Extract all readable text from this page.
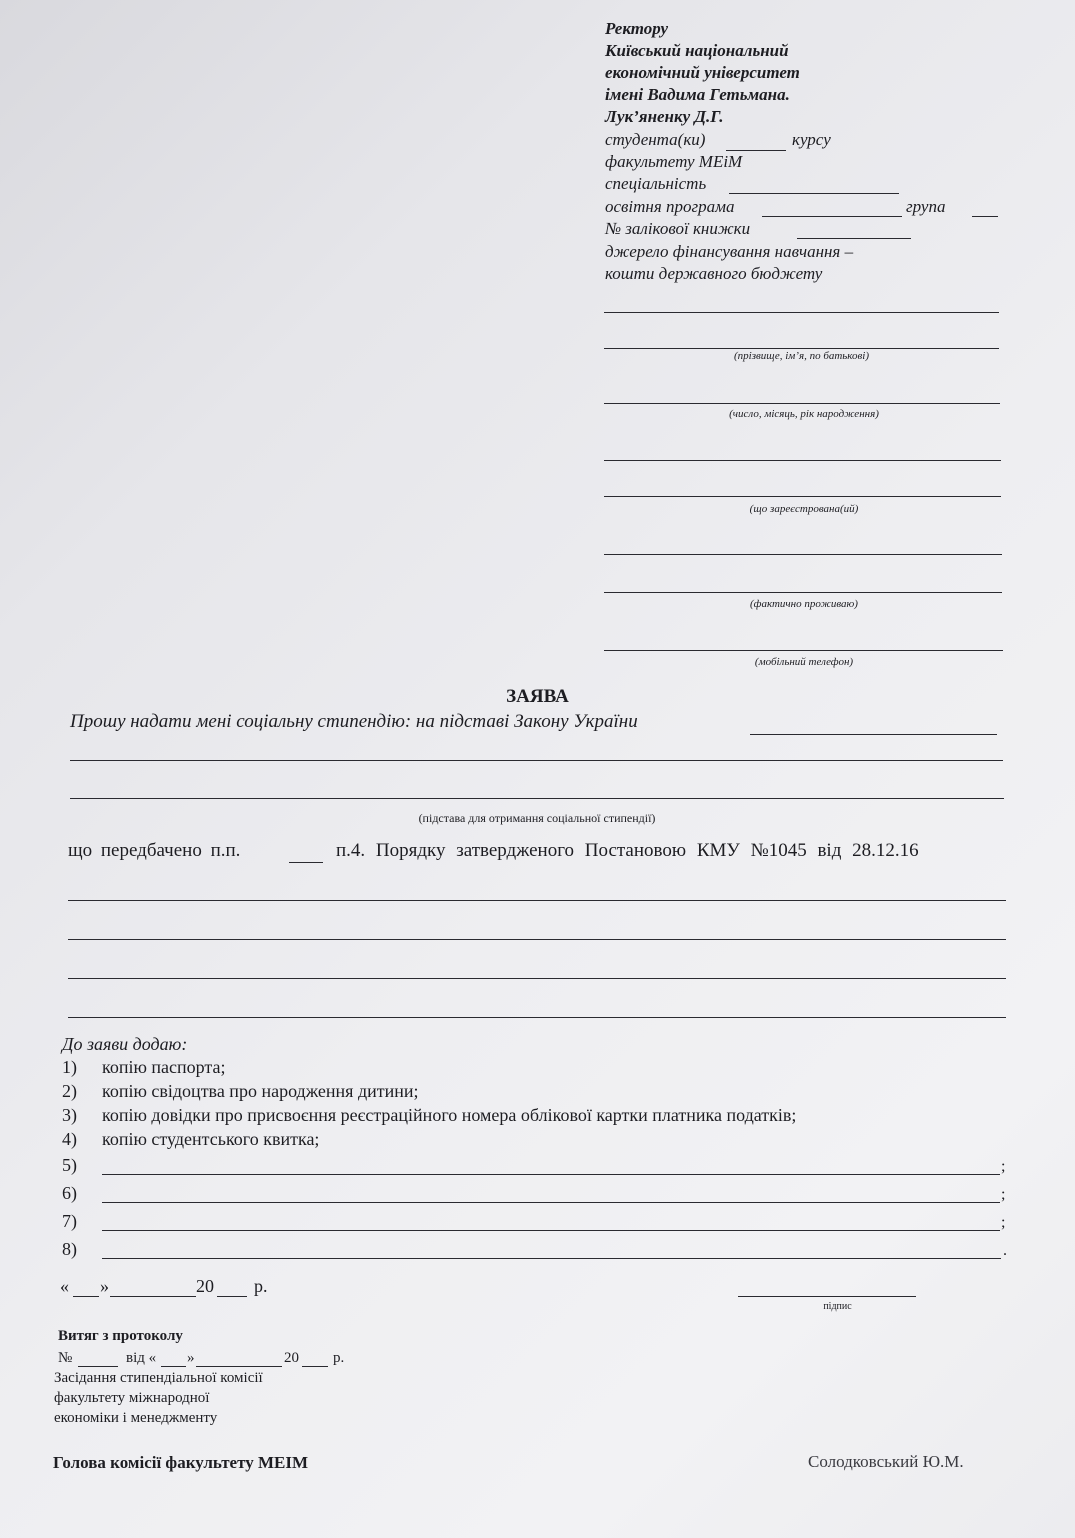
Ректору
Київський національний
економічний університет
імені Вадима Гетьмана.
Лук’яненку Д.Г.
студента(ки)	курсу
факультету МЕіМ
спеціальність
освітня програма	група
№ залікової книжки
джерело фінансування навчання –
кошти державного бюджету
(прізвище, ім’я, по батькові)
(число, місяць, рік народження)
(що зареєстрована(ий)
(фактично проживаю)
(мобільний телефон)
ЗАЯВА
Прошу надати мені соціальну стипендію: на підставі Закону України
(підстава для отримання соціальної стипендії)
що передбачено п.п.	п.4. Порядку затвердженого Постановою КМУ №1045 від 28.12.16
До заяви додаю:
1) копію паспорта;
2) копію свідоцтва про народження дитини;
3) копію довідки про присвоєння реєстраційного номера облікової картки платника податків;
4) копію студентського квитка;
5)	;
6)	;
7)	;
8)	.
« »	20 р.
підпис
Витяг з протоколу
№	від « »	20 р.
Засідання стипендіальної комісії
факультету міжнародної
економіки і менеджменту
Голова комісії факультету МЕІМ	Солодковський Ю.М.
